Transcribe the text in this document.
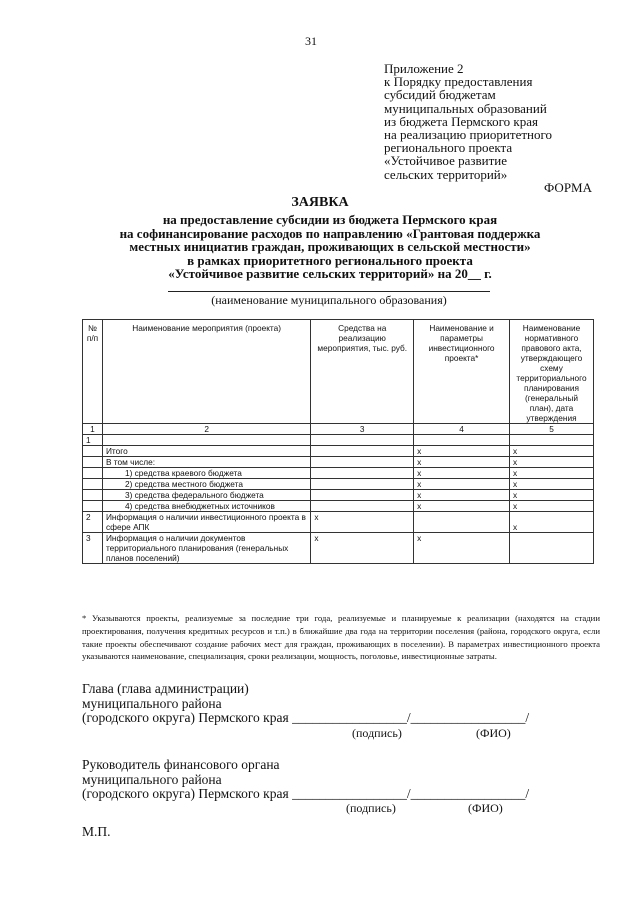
31
Приложение 2
к Порядку предоставления
субсидий бюджетам
муниципальных образований
из бюджета Пермского края
на реализацию приоритетного
регионального проекта
«Устойчивое развитие
сельских территорий»
ФОРМА
ЗАЯВКА
на предоставление субсидии из бюджета Пермского края
на софинансирование расходов по направлению «Грантовая поддержка
местных инициатив граждан, проживающих в сельской местности»
в рамках приоритетного регионального проекта
«Устойчивое развитие сельских территорий» на 20__ г.
(наименование муниципального образования)
№ п/п	Наименование мероприятия (проекта)	Средства на реализацию мероприятия, тыс. руб.	Наименование и параметры инвестиционного проекта*	Наименование нормативного правового акта, утверждающего схему территориального планирования (генеральный план), дата утверждения
1	2	3	4	5
1				
	Итого		x	x
	В том числе:		x	x
	1) средства краевого бюджета		x	x
	2) средства местного бюджета		x	x
	3) средства федерального бюджета		x	x
	4) средства внебюджетных источников		x	x
2	Информация о наличии инвестиционного проекта в сфере АПК	x		x
3	Информация о наличии документов территориального планирования (генеральных планов поселений)	x	x	
* Указываются проекты, реализуемые за последние три года, реализуемые и планируемые к реализации (находятся на стадии проектирования, получения кредитных ресурсов и т.п.) в ближайшие два года на территории поселения (района, городского округа, если такие проекты обеспечивают создание рабочих мест для граждан, проживающих в поселении). В параметрах инвестиционного проекта указываются наименование, специализация, сроки реализации, мощность, поголовье, инвестиционные затраты.
Глава (глава администрации)
муниципального района
(городского округа) Пермского края _________________/_________________/
(подпись)	(ФИО)
Руководитель финансового органа
муниципального района
(городского округа) Пермского края _________________/_________________/
(подпись)	(ФИО)
М.П.
